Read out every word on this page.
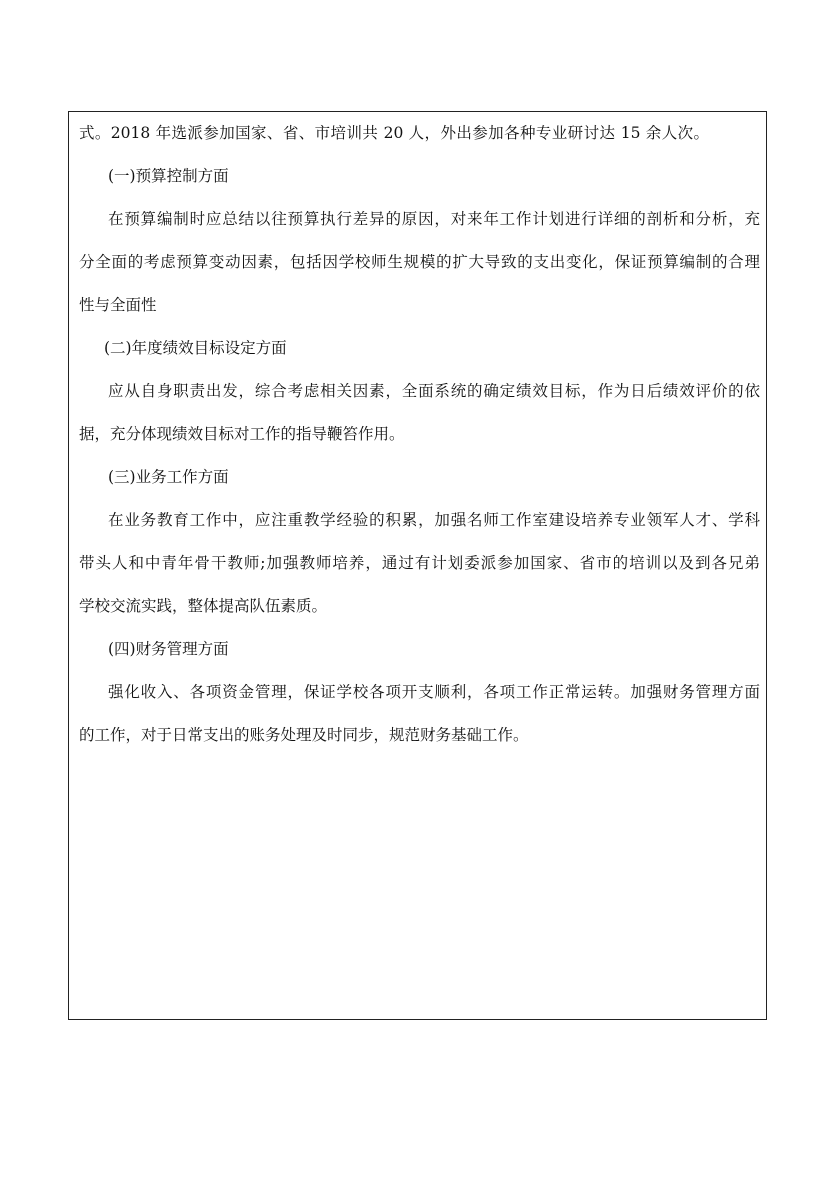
式。2018 年选派参加国家、省、市培训共 20 人，外出参加各种专业研讨达 15 余人次。
(一)预算控制方面
在预算编制时应总结以往预算执行差异的原因，对来年工作计划进行详细的剖析和分析，充
分全面的考虑预算变动因素，包括因学校师生规模的扩大导致的支出变化，保证预算编制的合理
性与全面性
(二)年度绩效目标设定方面
应从自身职责出发，综合考虑相关因素，全面系统的确定绩效目标，作为日后绩效评价的依
据，充分体现绩效目标对工作的指导鞭笞作用。
(三)业务工作方面
在业务教育工作中，应注重教学经验的积累，加强名师工作室建设培养专业领军人才、学科
带头人和中青年骨干教师;加强教师培养，通过有计划委派参加国家、省市的培训以及到各兄弟
学校交流实践，整体提高队伍素质。
(四)财务管理方面
强化收入、各项资金管理，保证学校各项开支顺利，各项工作正常运转。加强财务管理方面
的工作，对于日常支出的账务处理及时同步，规范财务基础工作。
